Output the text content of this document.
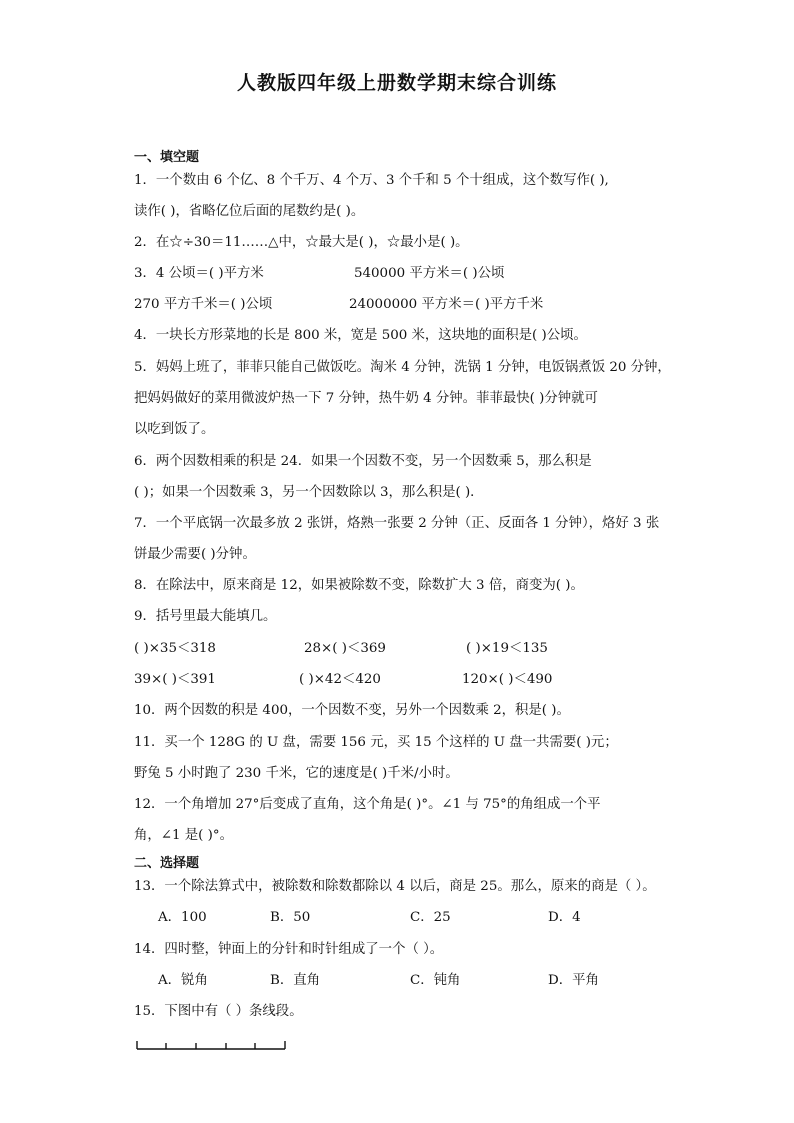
人教版四年级上册数学期末综合训练
一、填空题
1．一个数由 6 个亿、8 个千万、4 个万、3 个千和 5 个十组成，这个数写作( ),
读作( )，省略亿位后面的尾数约是( )。
2．在☆÷30＝11……△中，☆最大是( )，☆最小是( )。
3．4 公顷＝( )平方米	540000 平方米＝( )公顷
270 平方千米＝( )公顷	24000000 平方米＝( )平方千米
4．一块长方形菜地的长是 800 米，宽是 500 米，这块地的面积是( )公顷。
5．妈妈上班了，菲菲只能自己做饭吃。淘米 4 分钟，洗锅 1 分钟，电饭锅煮饭 20 分钟，
把妈妈做好的菜用微波炉热一下 7 分钟，热牛奶 4 分钟。菲菲最快( )分钟就可
以吃到饭了。
6．两个因数相乘的积是 24．如果一个因数不变，另一个因数乘 5，那么积是
( )；如果一个因数乘 3，另一个因数除以 3，那么积是( )．
7．一个平底锅一次最多放 2 张饼，烙熟一张要 2 分钟（正、反面各 1 分钟），烙好 3 张
饼最少需要( )分钟。
8．在除法中，原来商是 12，如果被除数不变，除数扩大 3 倍，商变为( )。
9．括号里最大能填几。
( )×35＜318	28×( )＜369	( )×19＜135
39×( )＜391	( )×42＜420	120×( )＜490
10．两个因数的积是 400，一个因数不变，另外一个因数乘 2，积是( )。
11．买一个 128G 的 U 盘，需要 156 元，买 15 个这样的 U 盘一共需要( )元；
野兔 5 小时跑了 230 千米，它的速度是( )千米/小时。
12．一个角增加 27°后变成了直角，这个角是( )°。∠1 与 75°的角组成一个平
角，∠1 是( )°。
二、选择题
13．一个除法算式中，被除数和除数都除以 4 以后，商是 25。那么，原来的商是（ ）。
A．100	B．50	C．25	D．4
14．四时整，钟面上的分针和时针组成了一个（ ）。
A．锐角	B．直角	C．钝角	D．平角
15．下图中有（ ）条线段。
